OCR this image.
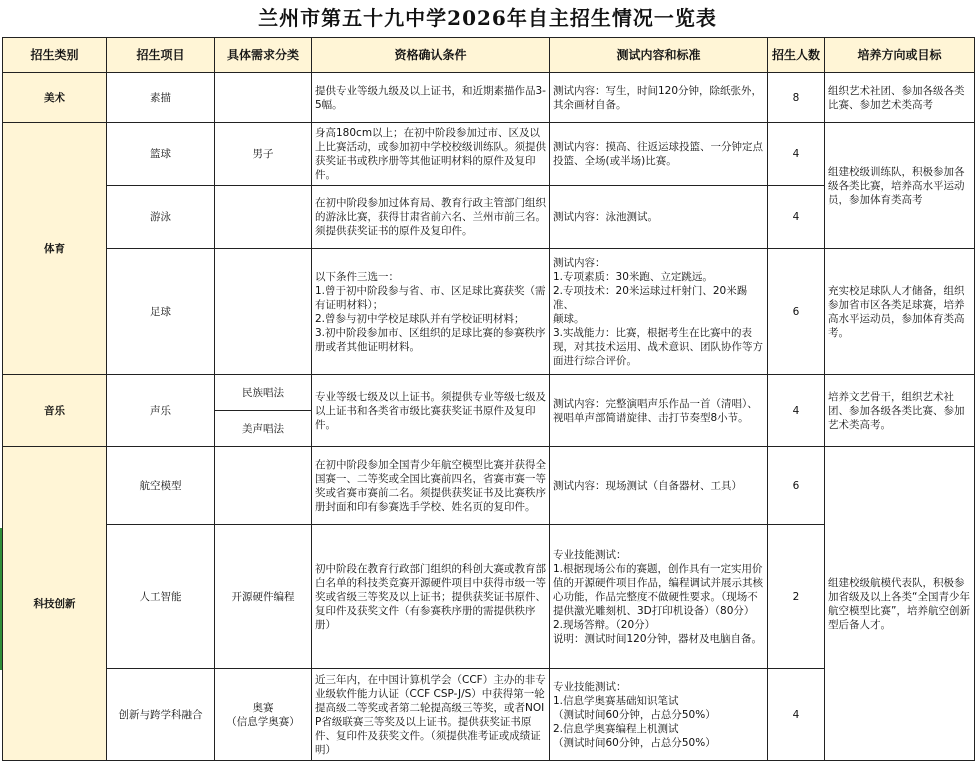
兰州市第五十九中学2026年自主招生情况一览表
招生类别	招生项目	具体需求分类	资格确认条件	测试内容和标准	招生人数	培养方向或目标
美术	素描		提供专业等级九级及以上证书，和近期素描作品3-5幅。	测试内容：写生，时间120分钟，除纸张外，其余画材自备。	8	组织艺术社团、参加各级各类比赛、参加艺术类高考
体育	篮球	男子	身高180cm以上；在初中阶段参加过市、区及以上比赛活动，或参加初中学校校级训练队。须提供获奖证书或秩序册等其他证明材料的原件及复印件。	测试内容：摸高、往返运球投篮、一分钟定点投篮、全场(或半场)比赛。	4	组建校级训练队，积极参加各级各类比赛，培养高水平运动员，参加体育类高考
	游泳		在初中阶段参加过体育局、教育行政主管部门组织的游泳比赛，获得甘肃省前六名、兰州市前三名。须提供获奖证书的原件及复印件。	测试内容：泳池测试。	4	
	足球		以下条件三选一：
1.曾于初中阶段参与省、市、区足球比赛获奖（需有证明材料）；
2.曾参与初中学校足球队并有学校证明材料；
3.初中阶段参加市、区组织的足球比赛的参赛秩序册或者其他证明材料。	测试内容：
1.专项素质：30米跑、立定跳远。
2.专项技术：20米运球过杆射门、20米踢准、
颠球。
3.实战能力：比赛，根据考生在比赛中的表现，对其技术运用、战术意识、团队协作等方面进行综合评价。	6	充实校足球队人才储备，组织参加省市区各类足球赛，培养高水平运动员，参加体育类高考。
音乐	声乐	民族唱法	专业等级七级及以上证书。须提供专业等级七级及以上证书和各类省市级比赛获奖证书原件及复印件。	测试内容：完整演唱声乐作品一首（清唱）、视唱单声部简谱旋律、击打节奏型8小节。	4	培养文艺骨干，组织艺术社团、参加各级各类比赛、参加艺术类高考。
		美声唱法				
科技创新	航空模型		在初中阶段参加全国青少年航空模型比赛并获得全国赛一、二等奖或全国比赛前四名，省赛市赛一等奖或省赛市赛前二名。须提供获奖证书及比赛秩序册封面和印有参赛选手学校、姓名页的复印件。	测试内容：现场测试（自备器材、工具）	6	组建校级航模代表队，积极参加省级及以上各类“全国青少年航空模型比赛”，培养航空创新型后备人才。
	人工智能	开源硬件编程	初中阶段在教育行政部门组织的科创大赛或教育部白名单的科技类竞赛开源硬件项目中获得市级一等奖或省级三等奖及以上证书；提供获奖证书原件、复印件及获奖文件（有参赛秩序册的需提供秩序册）	专业技能测试：
1.根据现场公布的赛题，创作具有一定实用价值的开源硬件项目作品，编程调试并展示其核心功能，作品完整度不做硬性要求。（现场不提供激光雕刻机、3D打印机设备）（80分）
2.现场答辩。（20分）
说明：测试时间120分钟，器材及电脑自备。	2	
	创新与跨学科融合	奥赛
（信息学奥赛）	近三年内，在中国计算机学会（CCF）主办的非专业级软件能力认证（CCF CSP-J/S）中获得第一轮提高级二等奖或者第二轮提高级三等奖，或者NOIP省级联赛三等奖及以上证书。提供获奖证书原件、复印件及获奖文件。（须提供准考证或成绩证明）	专业技能测试：
1.信息学奥赛基础知识笔试
（测试时间60分钟，占总分50%）
2.信息学奥赛编程上机测试
（测试时间60分钟，占总分50%）	4	
